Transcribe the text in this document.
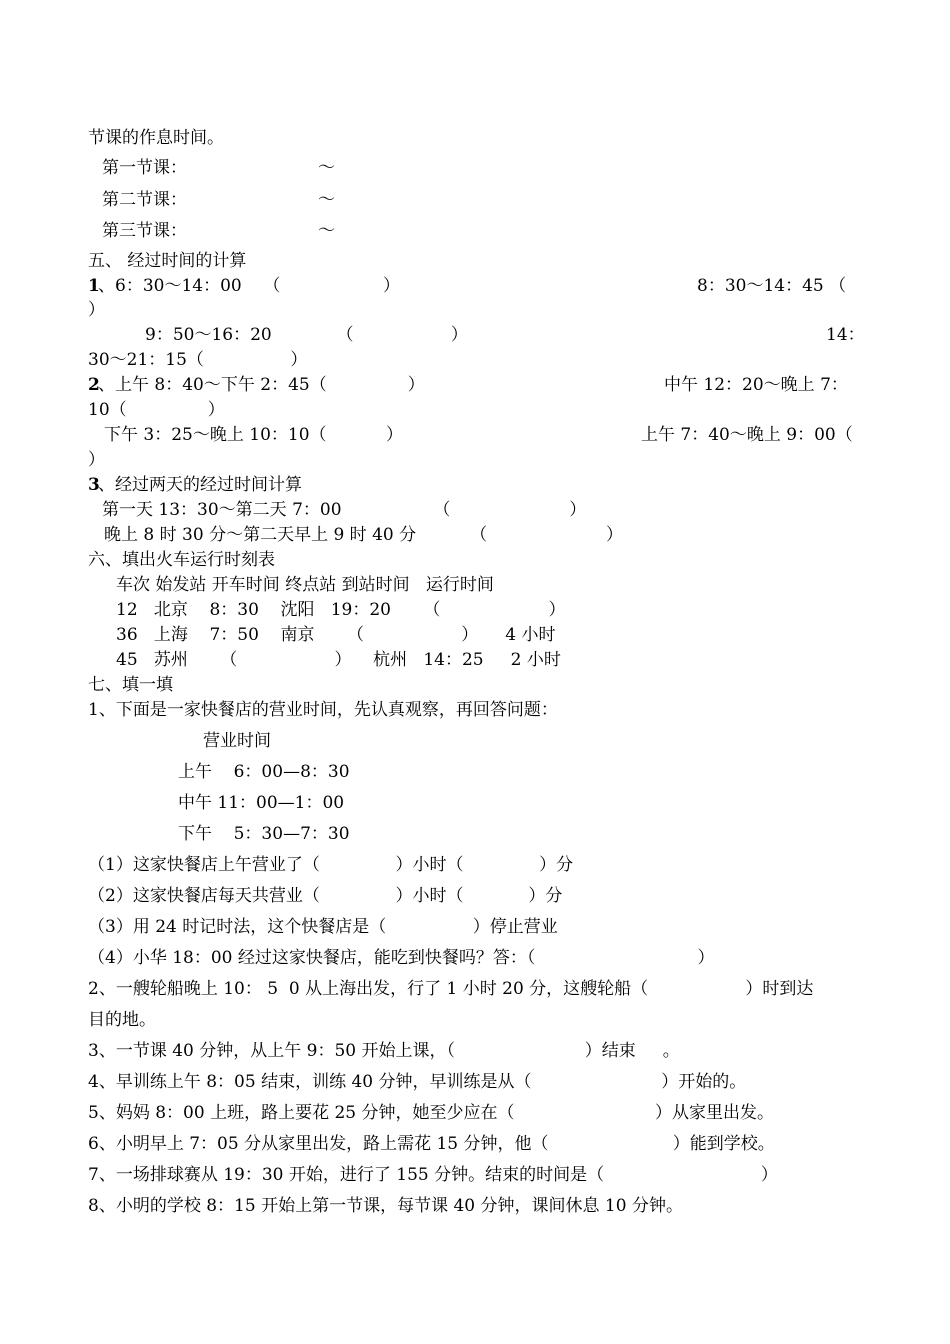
节课的作息时间。
第一节课：	～
第二节课：	～
第三节课：	～
五、 经过时间的计算
1
、6：30～14：00    （                   ）	8：30～14：45 （
）
9：50～16：20            （                  ）	14：
30～21：15（                ）
2
、上午 8：40～下午 2：45（               ）	中午 12：20～晚上 7：
10（               ）
下午 3：25～晚上 10：10（           ）	上午 7：40～晚上 9：00（
）
3
、经过两天的经过时间计算
第一天 13：30～第二天 7：00                 （                      ）
晚上 8 时 30 分～第二天早上 9 时 40 分          （                      ）
六、填出火车运行时刻表
车次 始发站 开车时间 终点站 到站时间   运行时间
12   北京    8：30    沈阳   19：20      （                    ）
36   上海    7：50    南京      （                  ）     4 小时
45   苏州      （                  ）    杭州   14：25     2 小时
七、填一填
1、下面是一家快餐店的营业时间，先认真观察，再回答问题：
营业时间
上午    6：00—8：30
中午 11：00—1：00
下午    5：30—7：30
（1）这家快餐店上午营业了（              ）小时（              ）分
（2）这家快餐店每天共营业（              ）小时（            ）分
（3）用 24 时记时法，这个快餐店是（                ）停止营业
（4）小华 18：00 经过这家快餐店，能吃到快餐吗？答：（                              ）
2、一艘轮船晚上 10： 5  0 从上海出发，行了 1 小时 20 分，这艘轮船（                  ）时到达
目的地。
3、一节课 40 分钟，从上午 9：50 开始上课，（                        ）结束     。
4、早训练上午 8：05 结束，训练 40 分钟，早训练是从（                        ）开始的。
5、妈妈 8：00 上班，路上要花 25 分钟，她至少应在（                          ）从家里出发。
6、小明早上 7：05 分从家里出发，路上需花 15 分钟，他（                       ）能到学校。
7、一场排球赛从 19：30 开始，进行了 155 分钟。结束的时间是（                             ）
8、小明的学校 8：15 开始上第一节课，每节课 40 分钟，课间休息 10 分钟。
